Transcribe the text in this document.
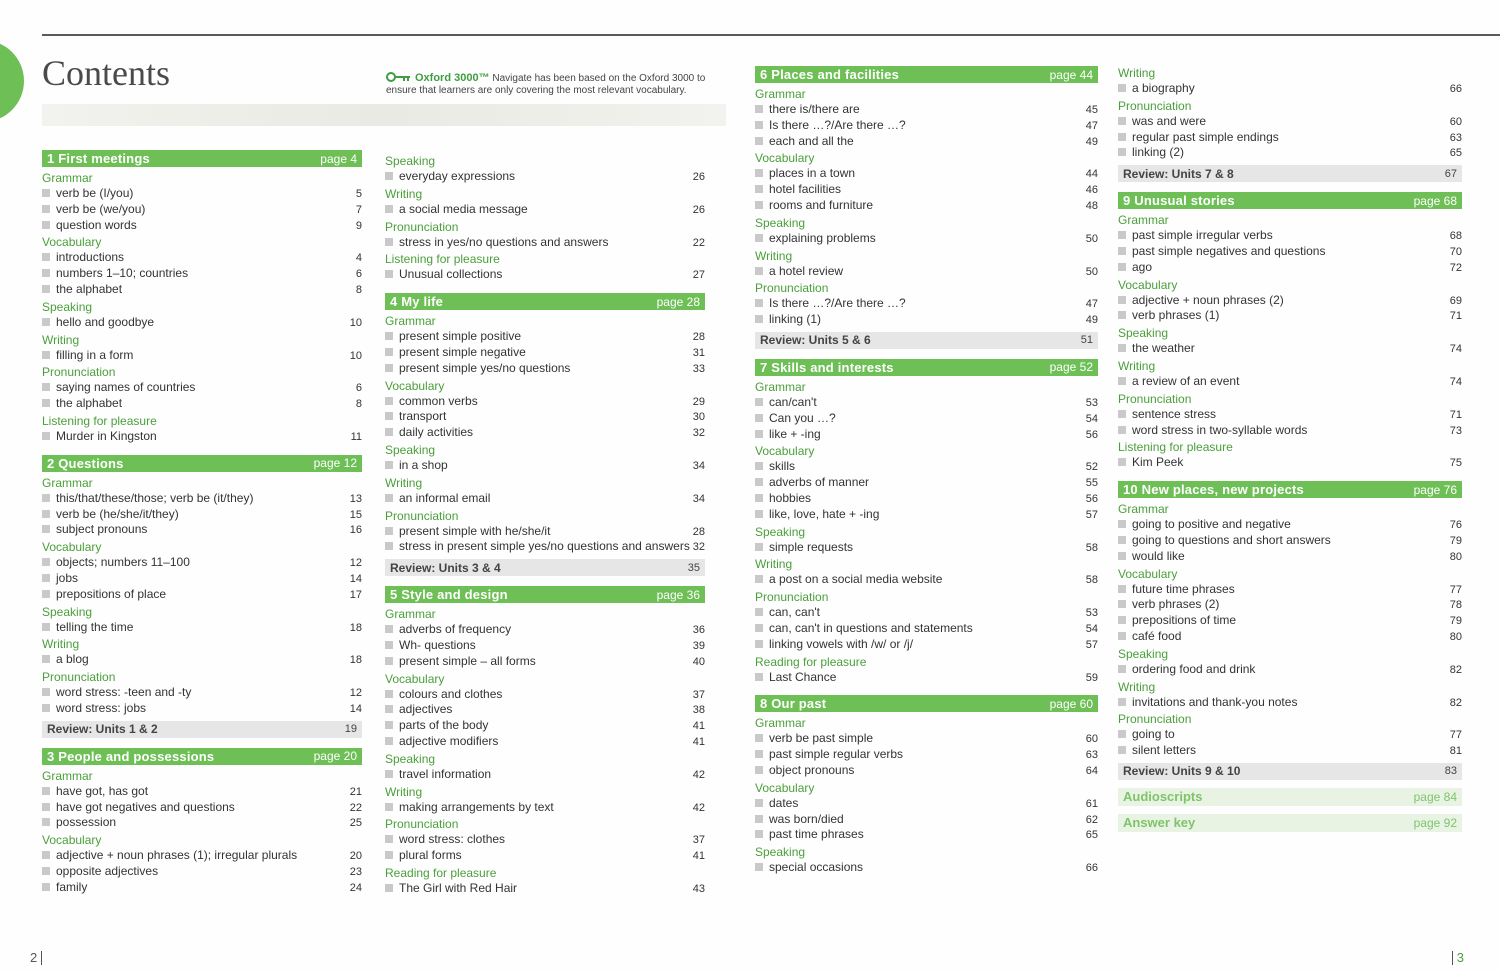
Contents	Oxford 3000™ Navigate has been based on the Oxford 3000 to ensure that learners are only covering the most relevant vocabulary.
1 First meetings	page 4
Grammar
verb be (I/you)	5
verb be (we/you)	7
question words	9
Vocabulary
introductions	4
numbers 1–10; countries	6
the alphabet	8
Speaking
hello and goodbye	10
Writing
filling in a form	10
Pronunciation
saying names of countries	6
the alphabet	8
Listening for pleasure
Murder in Kingston	11
2 Questions	page 12
Grammar
this/that/these/those; verb be (it/they)	13
verb be (he/she/it/they)	15
subject pronouns	16
Vocabulary
objects; numbers 11–100	12
jobs	14
prepositions of place	17
Speaking
telling the time	18
Writing
a blog	18
Pronunciation
word stress: -teen and -ty	12
word stress: jobs	14
Review: Units 1 & 2	19
3 People and possessions	page 20
Grammar
have got, has got	21
have got negatives and questions	22
possession	25
Vocabulary
adjective + noun phrases (1); irregular plurals	20
opposite adjectives	23
family	24
Speaking
everyday expressions	26
Writing
a social media message	26
Pronunciation
stress in yes/no questions and answers	22
Listening for pleasure
Unusual collections	27
4 My life	page 28
Grammar
present simple positive	28
present simple negative	31
present simple yes/no questions	33
Vocabulary
common verbs	29
transport	30
daily activities	32
Speaking
in a shop	34
Writing
an informal email	34
Pronunciation
present simple with he/she/it	28
stress in present simple yes/no questions and answers 32
Review: Units 3 & 4	35
5 Style and design	page 36
Grammar
adverbs of frequency	36
Wh- questions	39
present simple – all forms	40
Vocabulary
colours and clothes	37
adjectives	38
parts of the body	41
adjective modifiers	41
Speaking
travel information	42
Writing
making arrangements by text	42
Pronunciation
word stress: clothes	37
plural forms	41
Reading for pleasure
The Girl with Red Hair	43
6 Places and facilities	page 44
Grammar
there is/there are	45
Is there …?/Are there …?	47
each and all the	49
Vocabulary
places in a town	44
hotel facilities	46
rooms and furniture	48
Speaking
explaining problems	50
Writing
a hotel review	50
Pronunciation
Is there …?/Are there …?	47
linking (1)	49
Review: Units 5 & 6	51
7 Skills and interests	page 52
Grammar
can/can't	53
Can you …?	54
like + -ing	56
Vocabulary
skills	52
adverbs of manner	55
hobbies	56
like, love, hate + -ing	57
Speaking
simple requests	58
Writing
a post on a social media website	58
Pronunciation
can, can't	53
can, can't in questions and statements	54
linking vowels with /w/ or /j/	57
Reading for pleasure
Last Chance	59
8 Our past	page 60
Grammar
verb be past simple	60
past simple regular verbs	63
object pronouns	64
Vocabulary
dates	61
was born/died	62
past time phrases	65
Speaking
special occasions	66
Writing
a biography	66
Pronunciation
was and were	60
regular past simple endings	63
linking (2)	65
Review: Units 7 & 8	67
9 Unusual stories	page 68
Grammar
past simple irregular verbs	68
past simple negatives and questions	70
ago	72
Vocabulary
adjective + noun phrases (2)	69
verb phrases (1)	71
Speaking
the weather	74
Writing
a review of an event	74
Pronunciation
sentence stress	71
word stress in two-syllable words	73
Listening for pleasure
Kim Peek	75
10 New places, new projects	page 76
Grammar
going to positive and negative	76
going to questions and short answers	79
would like	80
Vocabulary
future time phrases	77
verb phrases (2)	78
prepositions of time	79
café food	80
Speaking
ordering food and drink	82
Writing
invitations and thank-you notes	82
Pronunciation
going to	77
silent letters	81
Review: Units 9 & 10	83
Audioscripts	page 84
Answer key	page 92
2	3
